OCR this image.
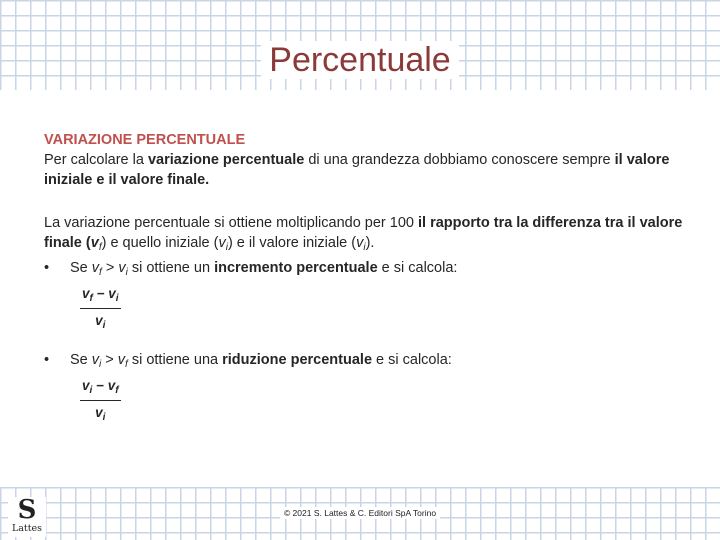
Percentuale
VARIAZIONE PERCENTUALE

Per calcolare la variazione percentuale di una grandezza dobbiamo conoscere sempre il valore iniziale e il valore finale.

La variazione percentuale si ottiene moltiplicando per 100 il rapporto tra la differenza tra il valore finale $(v_f)$ e quello iniziale $(v_i)$ e il valore iniziale $(v_i)$.

• Se $v_f > v_i$ si ottiene un incremento percentuale e si calcola:

$\frac{v_f - v_i}{v_i}$

• Se $v_i > v_f$ si ottiene una riduzione percentuale e si calcola:

$\frac{v_i - v_f}{v_i}$
S
Lattes
© 2021 S. Lattes & C. Editori SpA Torino
